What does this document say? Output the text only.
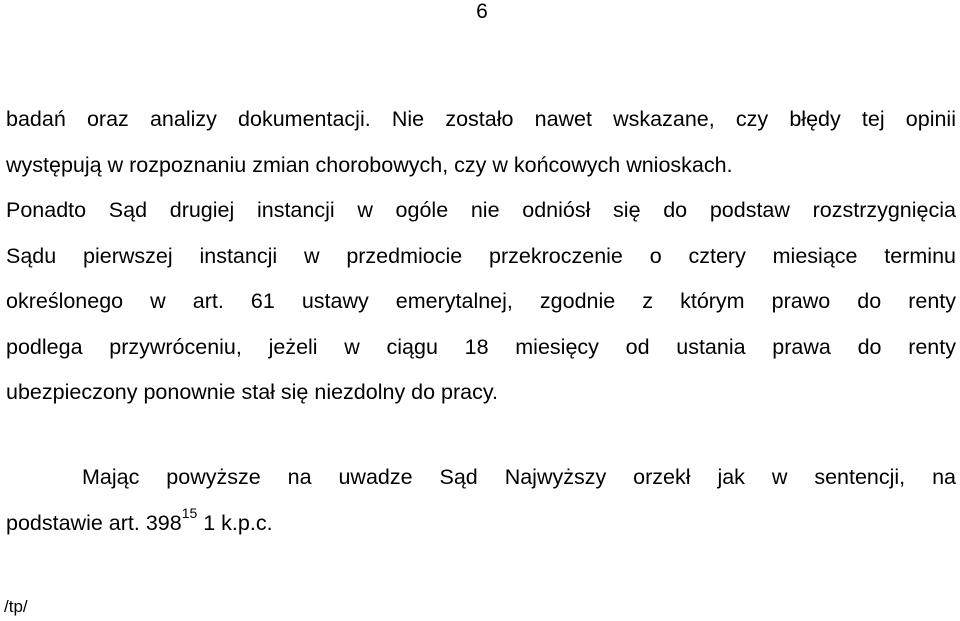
6
badań oraz analizy dokumentacji. Nie zostało nawet wskazane, czy błędy tej opinii
występują w rozpoznaniu zmian chorobowych, czy w końcowych wnioskach.
Ponadto Sąd drugiej instancji w ogóle nie odniósł się do podstaw rozstrzygnięcia
Sądu pierwszej instancji w przedmiocie przekroczenie o cztery miesiące terminu
określonego w art. 61 ustawy emerytalnej, zgodnie z którym prawo do renty
podlega przywróceniu, jeżeli w ciągu 18 miesięcy od ustania prawa do renty
ubezpieczony ponownie stał się niezdolny do pracy.
Mając powyższe na uwadze Sąd Najwyższy orzekł jak w sentencji, na
podstawie art. $398^{15}$ 1 k.p.c.
/tp/
